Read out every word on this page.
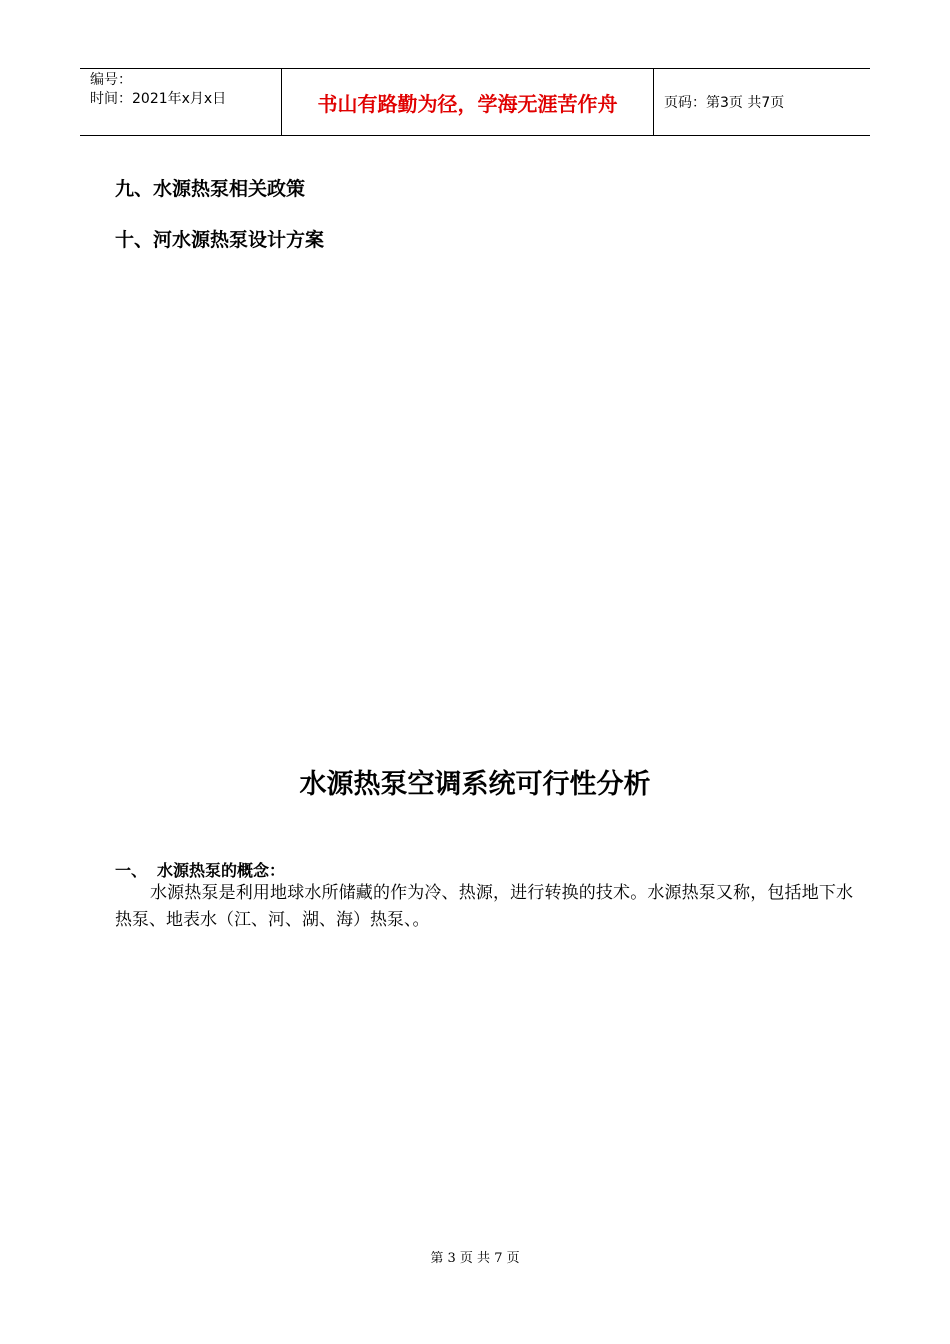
编号：
时间：2021年x月x日	书山有路勤为径，学海无涯苦作舟	页码：第3页 共7页
九、水源热泵相关政策
十、河水源热泵设计方案
水源热泵空调系统可行性分析
一、 水源热泵的概念：
水源热泵是利用地球水所储藏的作为冷、热源，进行转换的技术。水源热泵又称，包括地下水热泵、地表水（江、河、湖、海）热泵、。
第 3 页 共 7 页
